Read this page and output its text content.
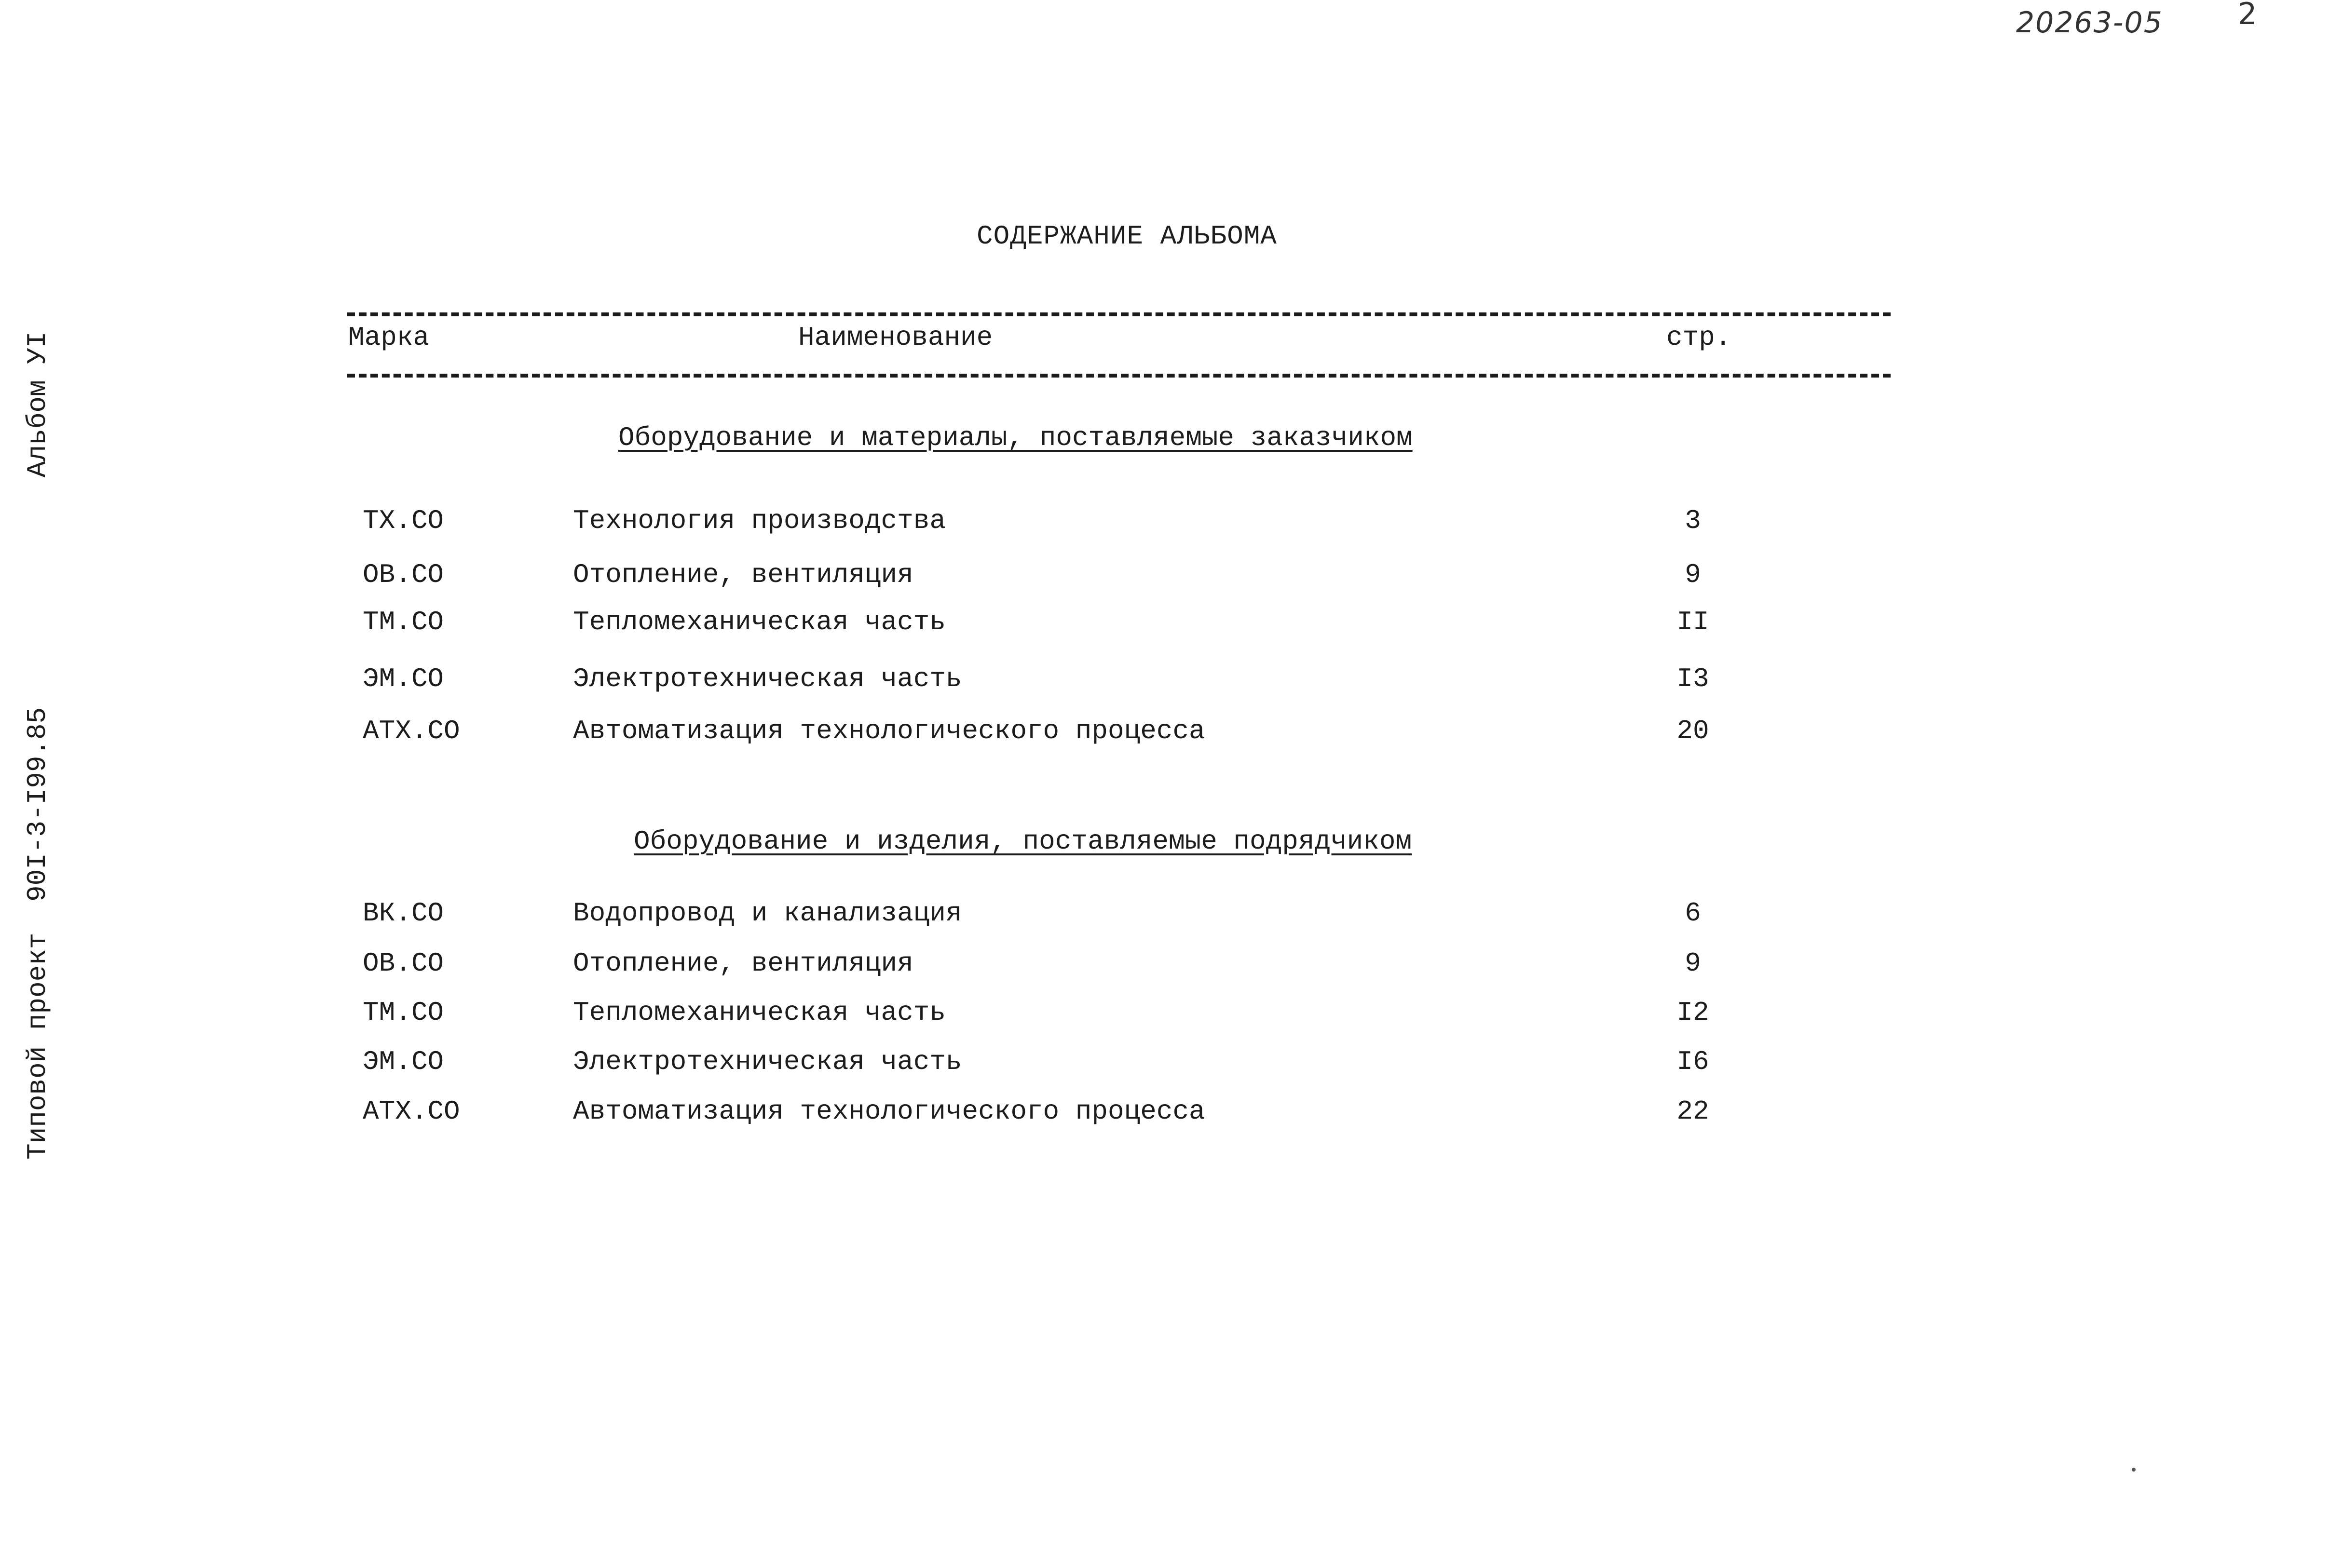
20263-05	2
Альбом УI
90I-3-I99.85
Типовой проект
СОДЕРЖАНИЕ АЛЬБОМА
Марка	Наименование	стр.
Оборудование и материалы, поставляемые заказчиком
ТХ.СО	Технология производства	3
ОВ.СО	Отопление, вентиляция	9
ТМ.СО	Тепломеханическая часть	II
ЭМ.СО	Электротехническая часть	I3
АТХ.СО	Автоматизация технологического процесса	20
Оборудование и изделия, поставляемые подрядчиком
ВК.СО	Водопровод и канализация	6
ОВ.СО	Отопление, вентиляция	9
ТМ.СО	Тепломеханическая часть	I2
ЭМ.СО	Электротехническая часть	I6
АТХ.СО	Автоматизация технологического процесса	22
